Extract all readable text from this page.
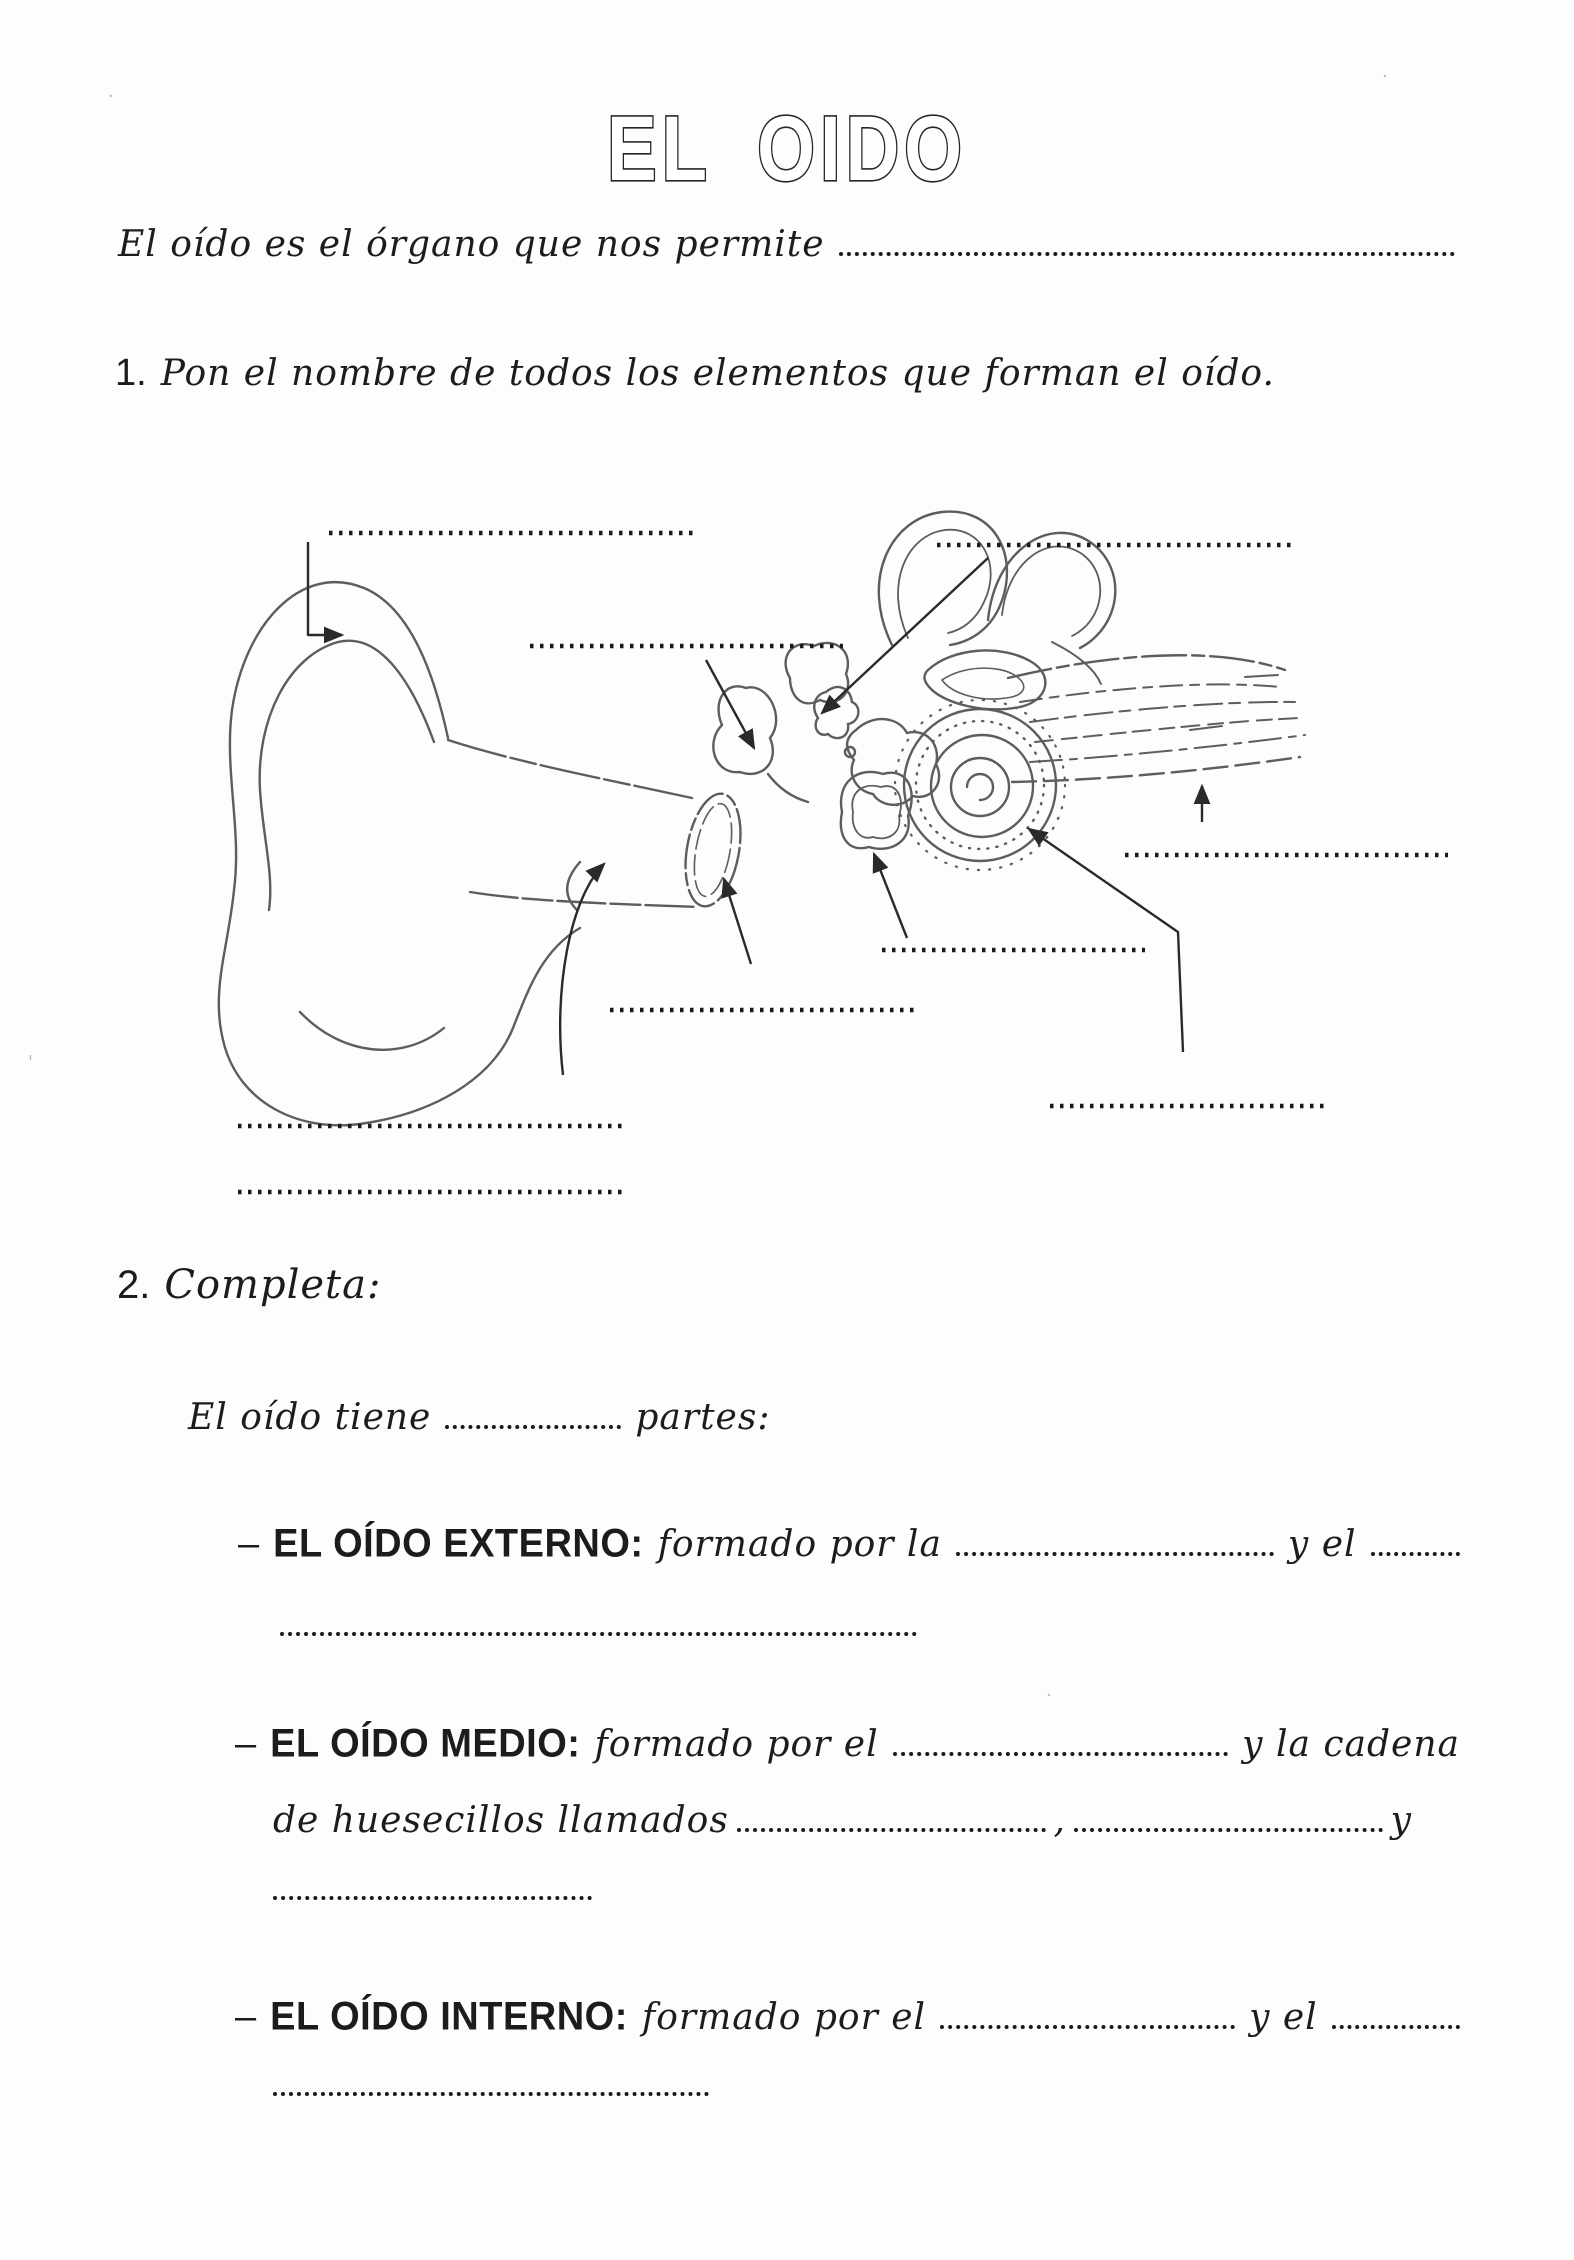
·
·
'
·
EL OIDO
El oído es el órgano que nos permite
1. Pon el nombre de todos los elementos que forman el oído.
2. Completa:
El oído tiene	partes:
– EL OÍDO EXTERNO: formado por la	y el
– EL OÍDO MEDIO: formado por el	y la cadena
de huesecillos llamados	,	y
– EL OÍDO INTERNO: formado por el	y el
